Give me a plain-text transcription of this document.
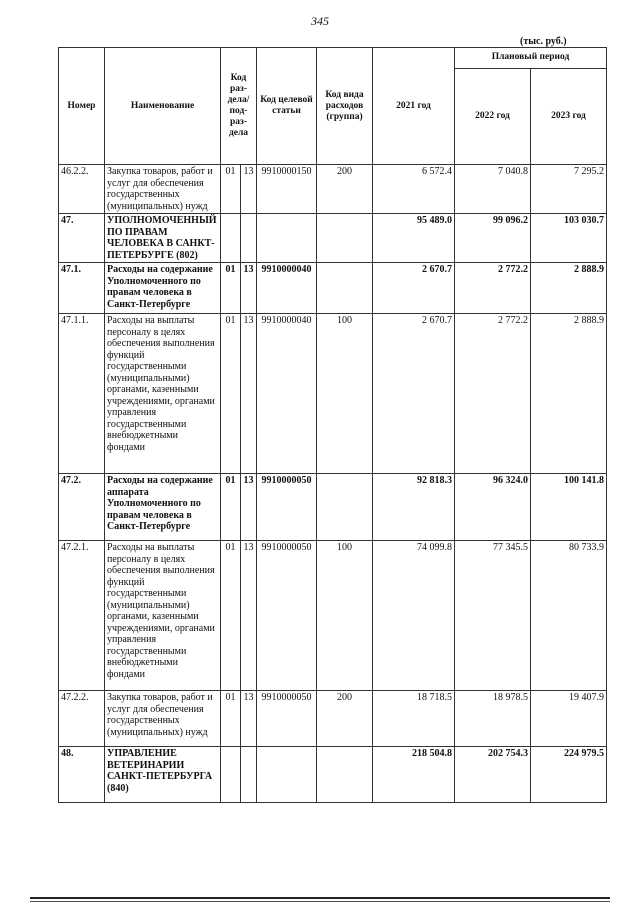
345
(тыс. руб.)
Номер	Наименование	Код раз-дела/ под-раз-дела		Код целевой статьи	Код вида расходов (группа)	2021 год	Плановый период	
							2022 год	2023 год
46.2.2.	Закупка товаров, работ и услуг для обеспечения государственных (муниципальных) нужд	01	13	9910000150	200	6 572.4	7 040.8	7 295.2
47.	УПОЛНОМОЧЕННЫЙ ПО ПРАВАМ ЧЕЛОВЕКА В САНКТ-ПЕТЕРБУРГЕ (802)					95 489.0	99 096.2	103 030.7
47.1.	Расходы на содержание Уполномоченного по правам человека в Санкт-Петербурге	01	13	9910000040		2 670.7	2 772.2	2 888.9
47.1.1.	Расходы на выплаты персоналу в целях обеспечения выполнения функций государственными (муниципальными) органами, казенными учреждениями, органами управления государственными внебюджетными фондами	01	13	9910000040	100	2 670.7	2 772.2	2 888.9
47.2.	Расходы на содержание аппарата Уполномоченного по правам человека в Санкт-Петербурге	01	13	9910000050		92 818.3	96 324.0	100 141.8
47.2.1.	Расходы на выплаты персоналу в целях обеспечения выполнения функций государственными (муниципальными) органами, казенными учреждениями, органами управления государственными внебюджетными фондами	01	13	9910000050	100	74 099.8	77 345.5	80 733.9
47.2.2.	Закупка товаров, работ и услуг для обеспечения государственных (муниципальных) нужд	01	13	9910000050	200	18 718.5	18 978.5	19 407.9
48.	УПРАВЛЕНИЕ ВЕТЕРИНАРИИ САНКТ-ПЕТЕРБУРГА (840)					218 504.8	202 754.3	224 979.5
